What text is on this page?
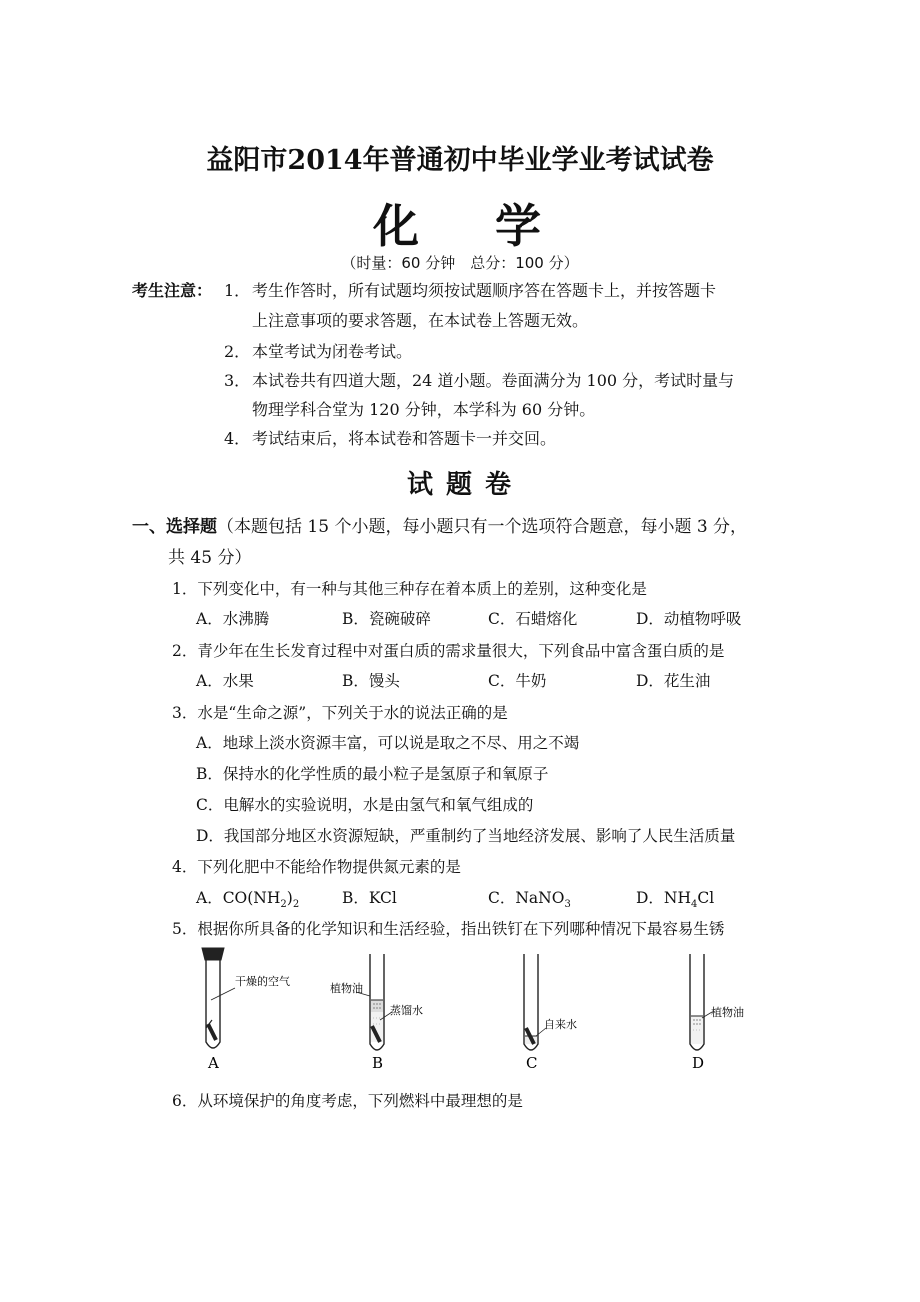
益阳市2014年普通初中毕业学业考试试卷
化 学
（时量：60 分钟　总分：100 分）
考生注意： 1． 考生作答时，所有试题均须按试题顺序答在答题卡上，并按答题卡
上注意事项的要求答题，在本试卷上答题无效。
2． 本堂考试为闭卷考试。
3． 本试卷共有四道大题，24 道小题。卷面满分为 100 分，考试时量与
物理学科合堂为 120 分钟，本学科为 60 分钟。
4． 考试结束后，将本试卷和答题卡一并交回。
试 题 卷
一、选择题（本题包括 15 个小题，每小题只有一个选项符合题意，每小题 3 分，
共 45 分）
1．下列变化中，有一种与其他三种存在着本质上的差别，这种变化是
A．水沸腾	B．瓷碗破碎	C．石蜡熔化	D．动植物呼吸
2．青少年在生长发育过程中对蛋白质的需求量很大，下列食品中富含蛋白质的是
A．水果	B．馒头	C．牛奶	D．花生油
3．水是“生命之源”，下列关于水的说法正确的是
A．地球上淡水资源丰富，可以说是取之不尽、用之不竭
B．保持水的化学性质的最小粒子是氢原子和氧原子
C．电解水的实验说明，水是由氢气和氧气组成的
D．我国部分地区水资源短缺，严重制约了当地经济发展、影响了人民生活质量
4．下列化肥中不能给作物提供氮元素的是
A．$CO(NH_2)_2$	B．KCl	C．NaNO$_3$	D．$NH_4Cl$
5．根据你所具备的化学知识和生活经验，指出铁钉在下列哪种情况下最容易生锈
干燥的空气
A
植物油
蒸馏水
B
自来水
C
植物油
D
6．从环境保护的角度考虑，下列燃料中最理想的是
